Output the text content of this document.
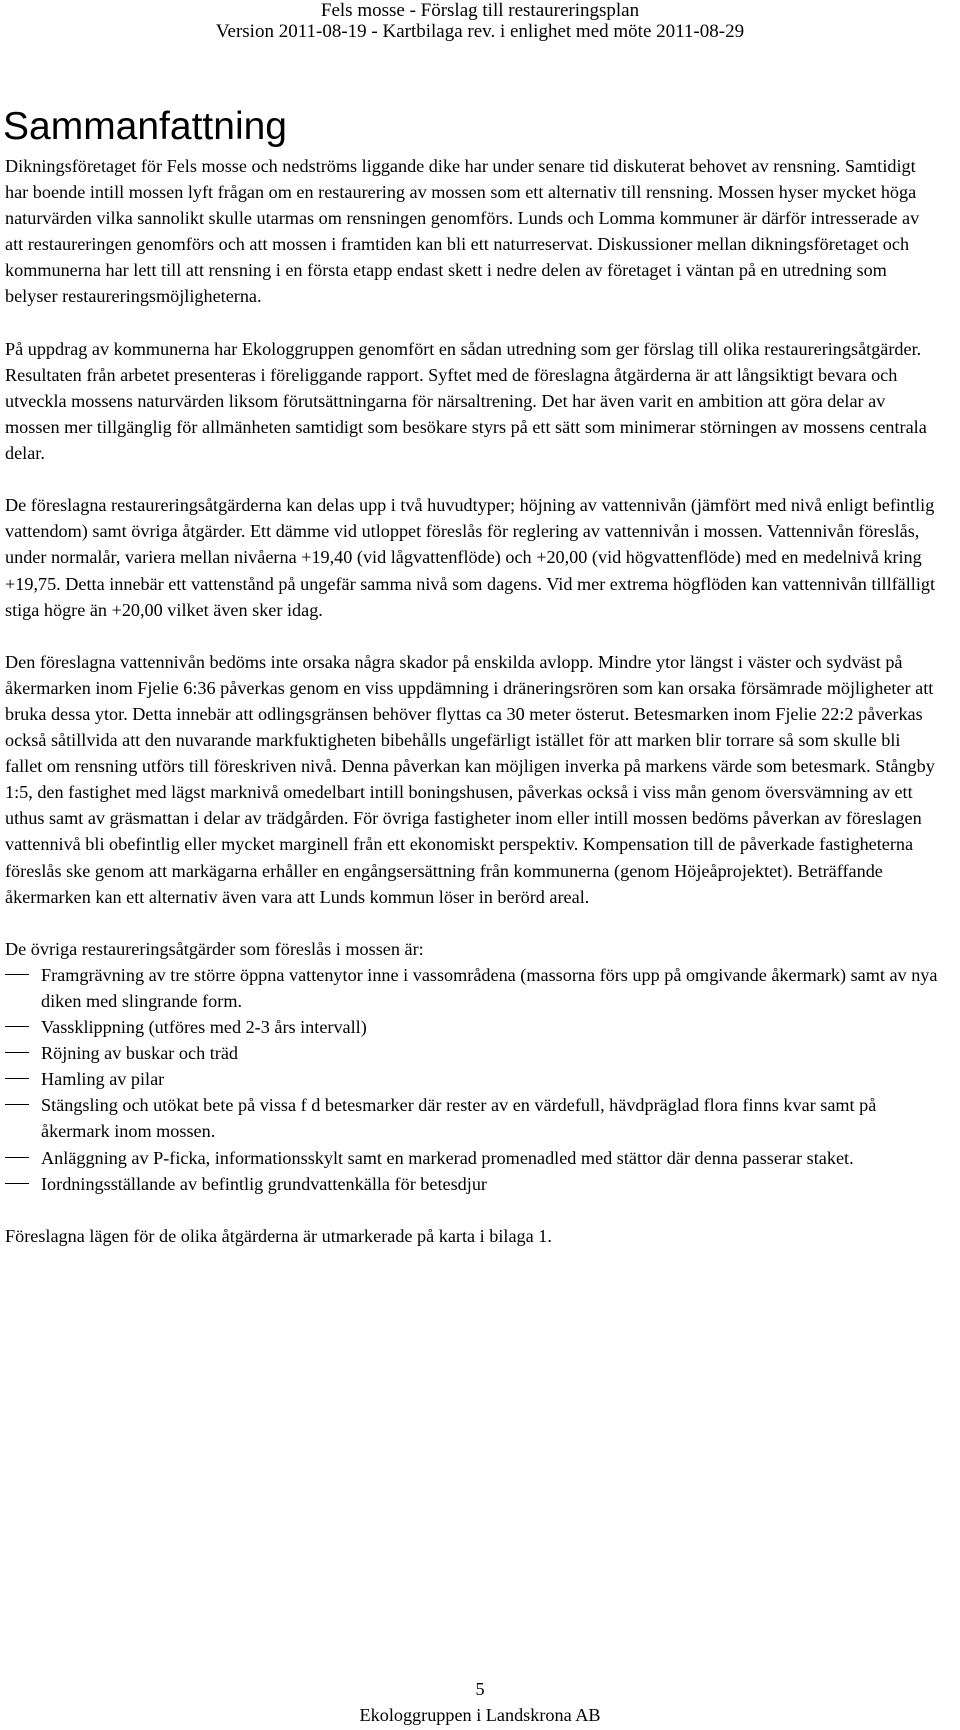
Fels mosse - Förslag till restaureringsplan
Version 2011-08-19 - Kartbilaga rev. i enlighet med möte 2011-08-29
Sammanfattning

Dikningsföretaget för Fels mosse och nedströms liggande dike har under senare tid diskuterat behovet av rensning. Samtidigt har boende intill mossen lyft frågan om en restaurering av mossen som ett alternativ till rensning. Mossen hyser mycket höga naturvärden vilka sannolikt skulle utarmas om rensningen genomförs. Lunds och Lomma kommuner är därför intresserade av att restaureringen genomförs och att mossen i framtiden kan bli ett naturreservat. Diskussioner mellan dikningsföretaget och kommunerna har lett till att rensning i en första etapp endast skett i nedre delen av företaget i väntan på en utredning som belyser restaureringsmöjligheterna.

På uppdrag av kommunerna har Ekologgruppen genomfört en sådan utredning som ger förslag till olika restaureringsåtgärder. Resultaten från arbetet presenteras i föreliggande rapport. Syftet med de föreslagna åtgärderna är att långsiktigt bevara och utveckla mossens naturvärden liksom förutsättningarna för närsaltrening. Det har även varit en ambition att göra delar av mossen mer tillgänglig för allmänheten samtidigt som besökare styrs på ett sätt som minimerar störningen av mossens centrala delar.

De föreslagna restaureringsåtgärderna kan delas upp i två huvudtyper; höjning av vattennivån (jämfört med nivå enligt befintlig vattendom) samt övriga åtgärder. Ett dämme vid utloppet föreslås för reglering av vattennivån i mossen. Vattennivån föreslås, under normalår, variera mellan nivåerna +19,40 (vid lågvattenflöde) och +20,00 (vid högvattenflöde) med en medelnivå kring +19,75. Detta innebär ett vattenstånd på ungefär samma nivå som dagens. Vid mer extrema högflöden kan vattennivån tillfälligt stiga högre än +20,00 vilket även sker idag.

Den föreslagna vattennivån bedöms inte orsaka några skador på enskilda avlopp. Mindre ytor längst i väster och sydväst på åkermarken inom Fjelie 6:36 påverkas genom en viss uppdämning i dräneringsrören som kan orsaka försämrade möjligheter att bruka dessa ytor. Detta innebär att odlingsgränsen behöver flyttas ca 30 meter österut. Betesmarken inom Fjelie 22:2 påverkas också såtillvida att den nuvarande markfuktigheten bibehålls ungefärligt istället för att marken blir torrare så som skulle bli fallet om rensning utförs till föreskriven nivå. Denna påverkan kan möjligen inverka på markens värde som betesmark. Stångby 1:5, den fastighet med lägst marknivå omedelbart intill boningshusen, påverkas också i viss mån genom översvämning av ett uthus samt av gräsmattan i delar av trädgården. För övriga fastigheter inom eller intill mossen bedöms påverkan av föreslagen vattennivå bli obefintlig eller mycket marginell från ett ekonomiskt perspektiv. Kompensation till de påverkade fastigheterna föreslås ske genom att markägarna erhåller en engångsersättning från kommunerna (genom Höjeåprojektet). Beträffande åkermarken kan ett alternativ även vara att Lunds kommun löser in berörd areal.

De övriga restaureringsåtgärder som föreslås i mossen är:

Framgrävning av tre större öppna vattenytor inne i vassområdena (massorna förs upp på omgivande åkermark) samt av nya diken med slingrande form.
Vassklippning (utföres med 2-3 års intervall)
Röjning av buskar och träd
Hamling av pilar
Stängsling och utökat bete på vissa f d betesmarker där rester av en värdefull, hävdpräglad flora finns kvar samt på åkermark inom mossen.
Anläggning av P-ficka, informationsskylt samt en markerad promenadled med stättor där denna passerar staket.
Iordningsställande av befintlig grundvattenkälla för betesdjur

Föreslagna lägen för de olika åtgärderna är utmarkerade på karta i bilaga 1.

5
Ekologgruppen i Landskrona AB
